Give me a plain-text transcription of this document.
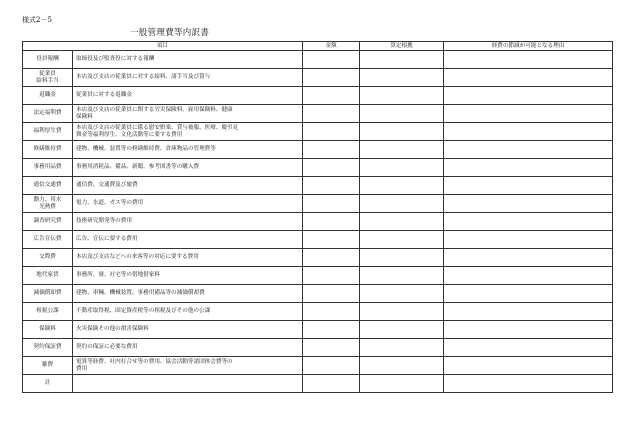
様式2－5
一般管理費等内訳書
項目		金額	算定根拠	経費の節減が可能となる理由
役員報酬	取締役及び監査役に対する報酬			
従業員
給料手当	本店及び支店の従業員に対する給料、諸手当及び賞与			
退職金	従業員に対する退職金			
法定福利費	本店及び支店の従業員に関する労災保険料、雇用保険料、健康
保険料			
福利厚生費	本店及び支店の従業員に係る慰安娯楽、貸与被服、医療、慶弔見
舞金等福利厚生、文化活動等に要する費用			
修繕維持費	建物、機械、装置等の修繕維持費、倉庫物品の管理費等			
事務用品費	事務用消耗品、備品、新聞、参考図書等の購入費			
通信交通費	通信費、交通費及び旅費			
動力、用水
光熱費	電力、水道、ガス等の費用			
調査研究費	技術研究開発等の費用			
広告宣伝費	広告、宣伝に要する費用			
交際費	本店及び支店などへの来客等の対応に要する費用			
地代家賃	事務所、寮、社宅等の借地借家料			
減価償却費	建物、車輛、機械装置、事務用備品等の減価償却費			
租税公課	不動産取得税、固定資産税等の租税及びその他の公課			
保険料	火災保険その他の損害保険料			
契約保証費	契約の保証に必要な費用			
雑費	電算等経費、社内打合せ等の費用、協会活動等諸団体会費等の
費用			
計				
